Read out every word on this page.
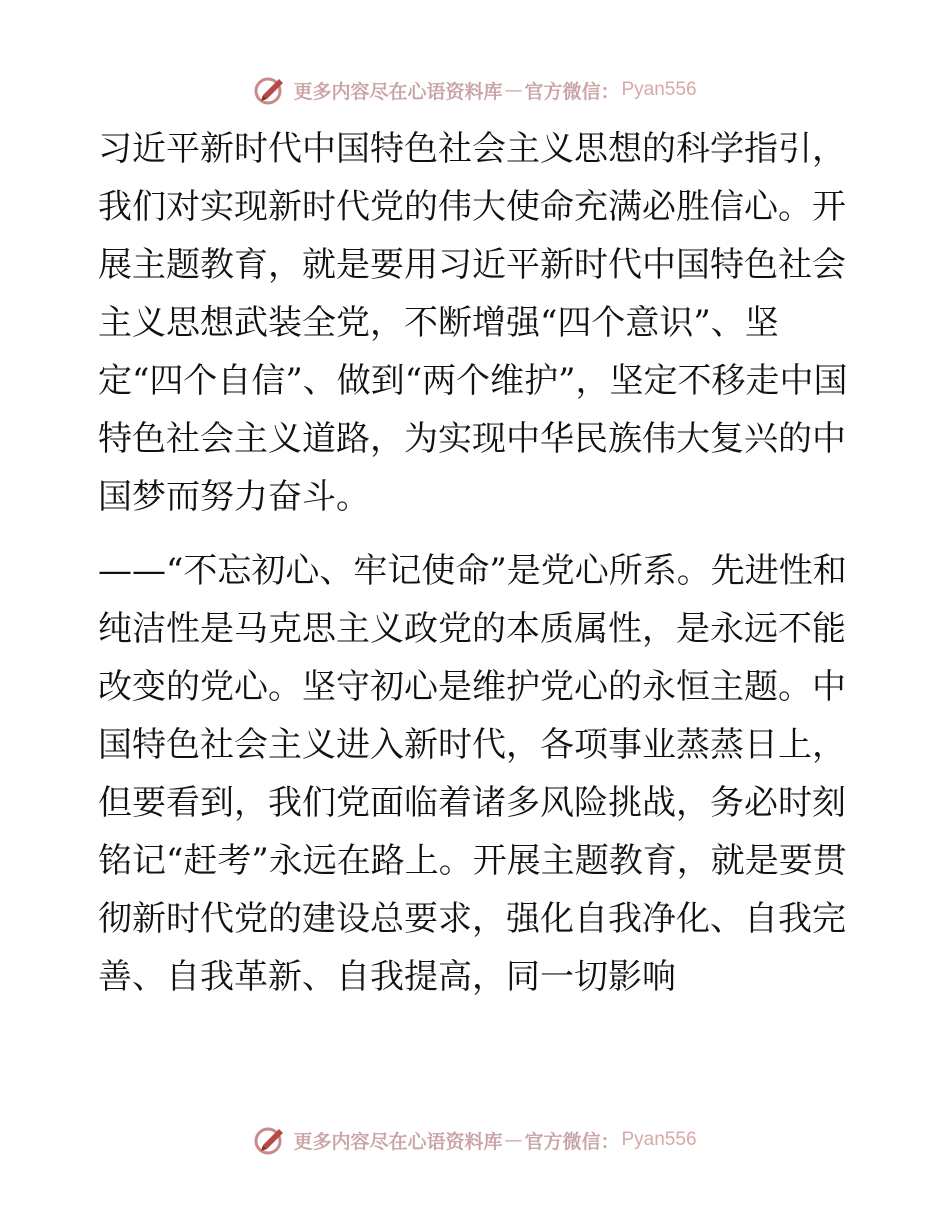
更多内容尽在心语资料库 — 官方微信： Pyan556

习近平新时代中国特色社会主义思想的科学指引，我们对实现新时代党的伟大使命充满必胜信心。开展主题教育，就是要用习近平新时代中国特色社会主义思想武装全党，不断增强“四个意识”、坚定“四个自信”、做到“两个维护”，坚定不移走中国特色社会主义道路，为实现中华民族伟大复兴的中国梦而努力奋斗。

——“不忘初心、牢记使命”是党心所系。先进性和纯洁性是马克思主义政党的本质属性，是永远不能改变的党心。坚守初心是维护党心的永恒主题。中国特色社会主义进入新时代，各项事业蒸蒸日上，但要看到，我们党面临着诸多风险挑战，务必时刻铭记“赶考”永远在路上。开展主题教育，就是要贯彻新时代党的建设总要求，强化自我净化、自我完善、自我革新、自我提高，同一切影响

更多内容尽在心语资料库 — 官方微信： Pyan556
